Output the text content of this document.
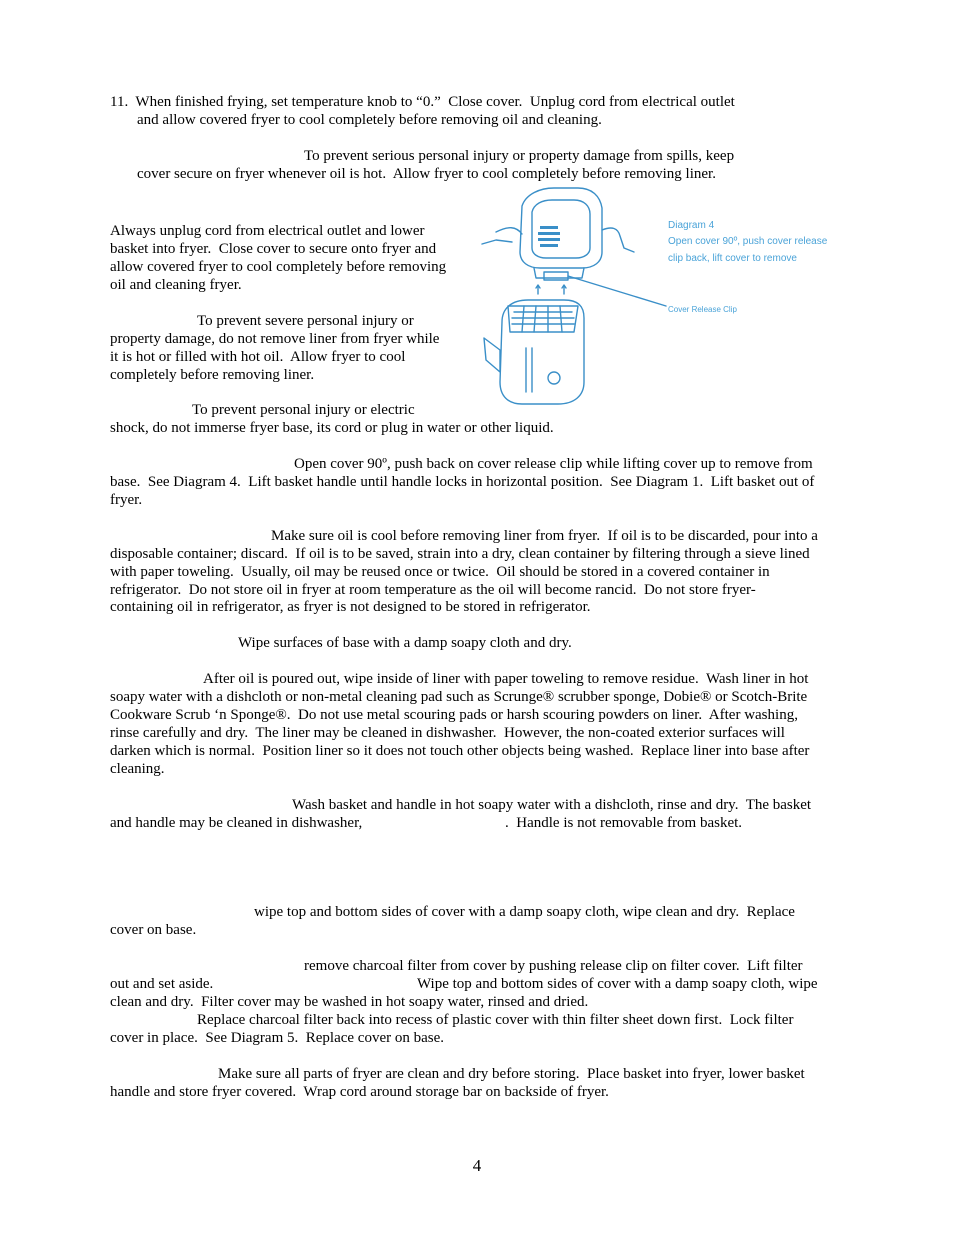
11.  When finished frying, set temperature knob to “0.”  Close cover.  Unplug cord from electrical outlet

and allow covered fryer to cool completely before removing oil and cleaning.

To prevent serious personal injury or property damage from spills, keep

cover secure on fryer whenever oil is hot.  Allow fryer to cool completely before removing liner.

Always unplug cord from electrical outlet and lower

basket into fryer.  Close cover to secure onto fryer and

allow covered fryer to cool completely before removing

oil and cleaning fryer.

To prevent severe personal injury or

property damage, do not remove liner from fryer while

it is hot or filled with hot oil.  Allow fryer to cool

completely before removing liner.

To prevent personal injury or electric

shock, do not immerse fryer base, its cord or plug in water or other liquid.

Diagram 4
Open cover 90º, push cover release
clip back, lift cover to remove
Cover Release Clip

Open cover 90º, push back on cover release clip while lifting cover up to remove from

base.  See Diagram 4.  Lift basket handle until handle locks in horizontal position.  See Diagram 1.  Lift basket out of

fryer.

Make sure oil is cool before removing liner from fryer.  If oil is to be discarded, pour into a

disposable container; discard.  If oil is to be saved, strain into a dry, clean container by filtering through a sieve lined

with paper toweling.  Usually, oil may be reused once or twice.  Oil should be stored in a covered container in

refrigerator.  Do not store oil in fryer at room temperature as the oil will become rancid.  Do not store fryer-

containing oil in refrigerator, as fryer is not designed to be stored in refrigerator.

Wipe surfaces of base with a damp soapy cloth and dry.

After oil is poured out, wipe inside of liner with paper toweling to remove residue.  Wash liner in hot

soapy water with a dishcloth or non-metal cleaning pad such as Scrunge® scrubber sponge, Dobie® or Scotch-Brite

Cookware Scrub ‘n Sponge®.  Do not use metal scouring pads or harsh scouring powders on liner.  After washing,

rinse carefully and dry.  The liner may be cleaned in dishwasher.  However, the non-coated exterior surfaces will

darken which is normal.  Position liner so it does not touch other objects being washed.  Replace liner into base after

cleaning.

Wash basket and handle in hot soapy water with a dishcloth, rinse and dry.  The basket

and handle may be cleaned in dishwasher,	.  Handle is not removable from basket.

wipe top and bottom sides of cover with a damp soapy cloth, wipe clean and dry.  Replace

cover on base.

remove charcoal filter from cover by pushing release clip on filter cover.  Lift filter

out and set aside.	Wipe top and bottom sides of cover with a damp soapy cloth, wipe

clean and dry.  Filter cover may be washed in hot soapy water, rinsed and dried.

Replace charcoal filter back into recess of plastic cover with thin filter sheet down first.  Lock filter

cover in place.  See Diagram 5.  Replace cover on base.

Make sure all parts of fryer are clean and dry before storing.  Place basket into fryer, lower basket

handle and store fryer covered.  Wrap cord around storage bar on backside of fryer.

4
